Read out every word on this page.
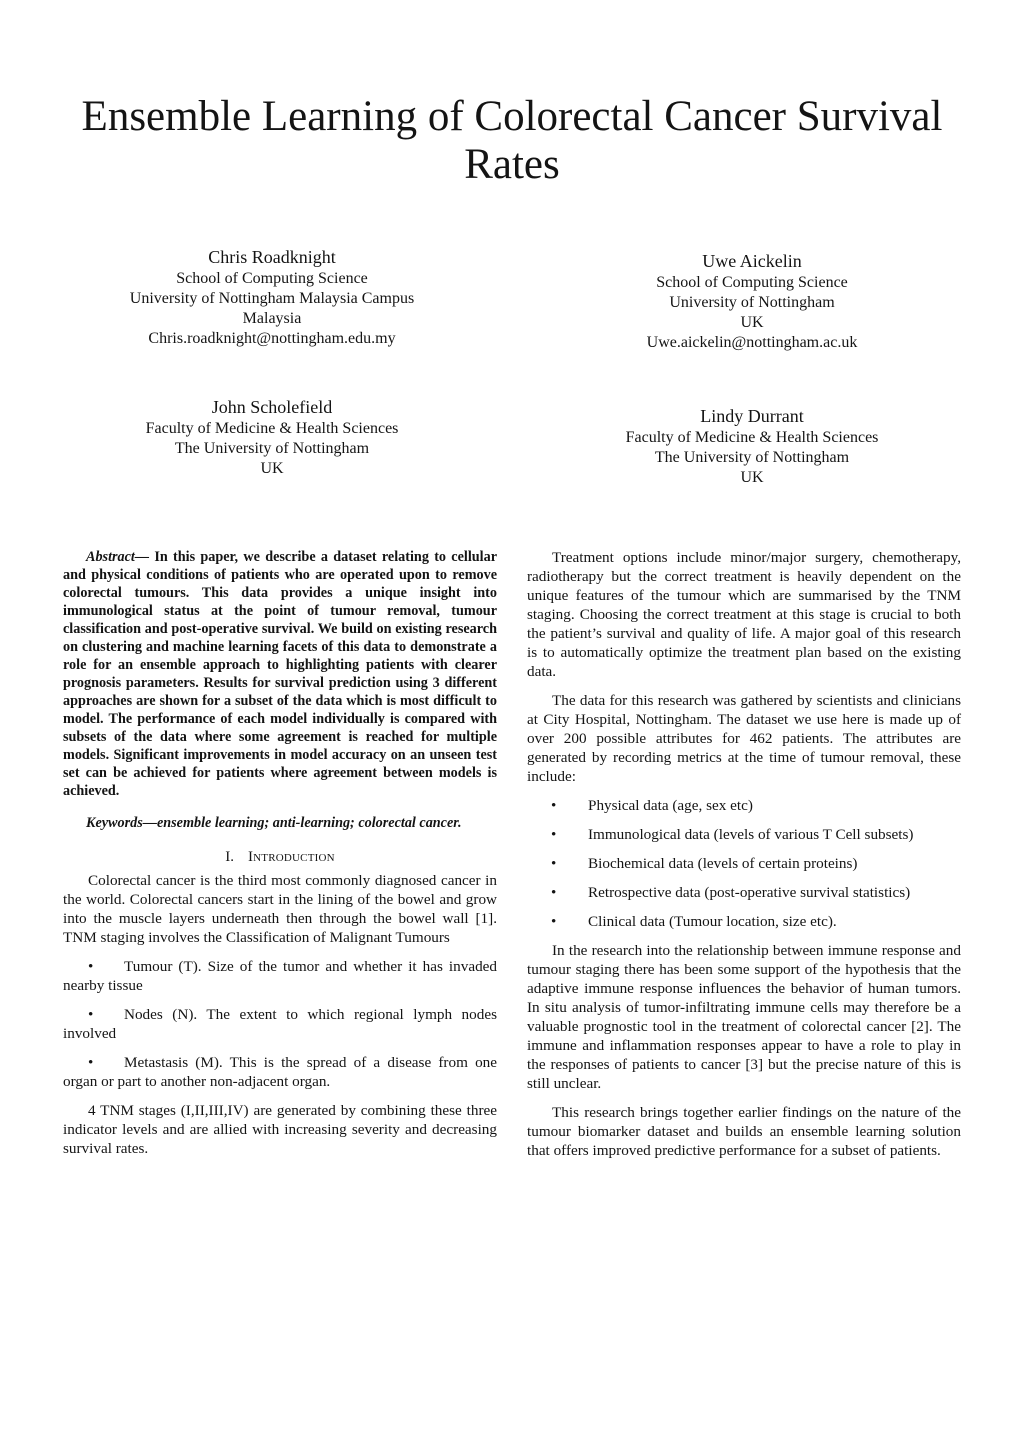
Ensemble Learning of Colorectal Cancer Survival Rates
Chris Roadknight
School of Computing Science
University of Nottingham Malaysia Campus
Malaysia
Chris.roadknight@nottingham.edu.my
Uwe Aickelin
School of Computing Science
University of Nottingham
UK
Uwe.aickelin@nottingham.ac.uk
John Scholefield
Faculty of Medicine & Health Sciences
The University of Nottingham
UK
Lindy Durrant
Faculty of Medicine & Health Sciences
The University of Nottingham
UK

Abstract— In this paper, we describe a dataset relating to cellular and physical conditions of patients who are operated upon to remove colorectal tumours. This data provides a unique insight into immunological status at the point of tumour removal, tumour classification and post-operative survival. We build on existing research on clustering and machine learning facets of this data to demonstrate a role for an ensemble approach to highlighting patients with clearer prognosis parameters. Results for survival prediction using 3 different approaches are shown for a subset of the data which is most difficult to model. The performance of each model individually is compared with subsets of the data where some agreement is reached for multiple models. Significant improvements in model accuracy on an unseen test set can be achieved for patients where agreement between models is achieved.

Keywords—ensemble learning; anti-learning; colorectal cancer.

I. Introduction

Colorectal cancer is the third most commonly diagnosed cancer in the world. Colorectal cancers start in the lining of the bowel and grow into the muscle layers underneath then through the bowel wall [1]. TNM staging involves the Classification of Malignant Tumours

• Tumour (T). Size of the tumor and whether it has invaded nearby tissue

• Nodes (N). The extent to which regional lymph nodes involved

• Metastasis (M). This is the spread of a disease from one organ or part to another non-adjacent organ.

4 TNM stages (I,II,III,IV) are generated by combining these three indicator levels and are allied with increasing severity and decreasing survival rates.

Treatment options include minor/major surgery, chemotherapy, radiotherapy but the correct treatment is heavily dependent on the unique features of the tumour which are summarised by the TNM staging. Choosing the correct treatment at this stage is crucial to both the patient’s survival and quality of life. A major goal of this research is to automatically optimize the treatment plan based on the existing data.

The data for this research was gathered by scientists and clinicians at City Hospital, Nottingham. The dataset we use here is made up of over 200 possible attributes for 462 patients. The attributes are generated by recording metrics at the time of tumour removal, these include:

• Physical data (age, sex etc)
• Immunological data (levels of various T Cell subsets)
• Biochemical data (levels of certain proteins)
• Retrospective data (post-operative survival statistics)
• Clinical data (Tumour location, size etc).

In the research into the relationship between immune response and tumour staging there has been some support of the hypothesis that the adaptive immune response influences the behavior of human tumors. In situ analysis of tumor-infiltrating immune cells may therefore be a valuable prognostic tool in the treatment of colorectal cancer [2]. The immune and inflammation responses appear to have a role to play in the responses of patients to cancer [3] but the precise nature of this is still unclear.

This research brings together earlier findings on the nature of the tumour biomarker dataset and builds an ensemble learning solution that offers improved predictive performance for a subset of patients.
